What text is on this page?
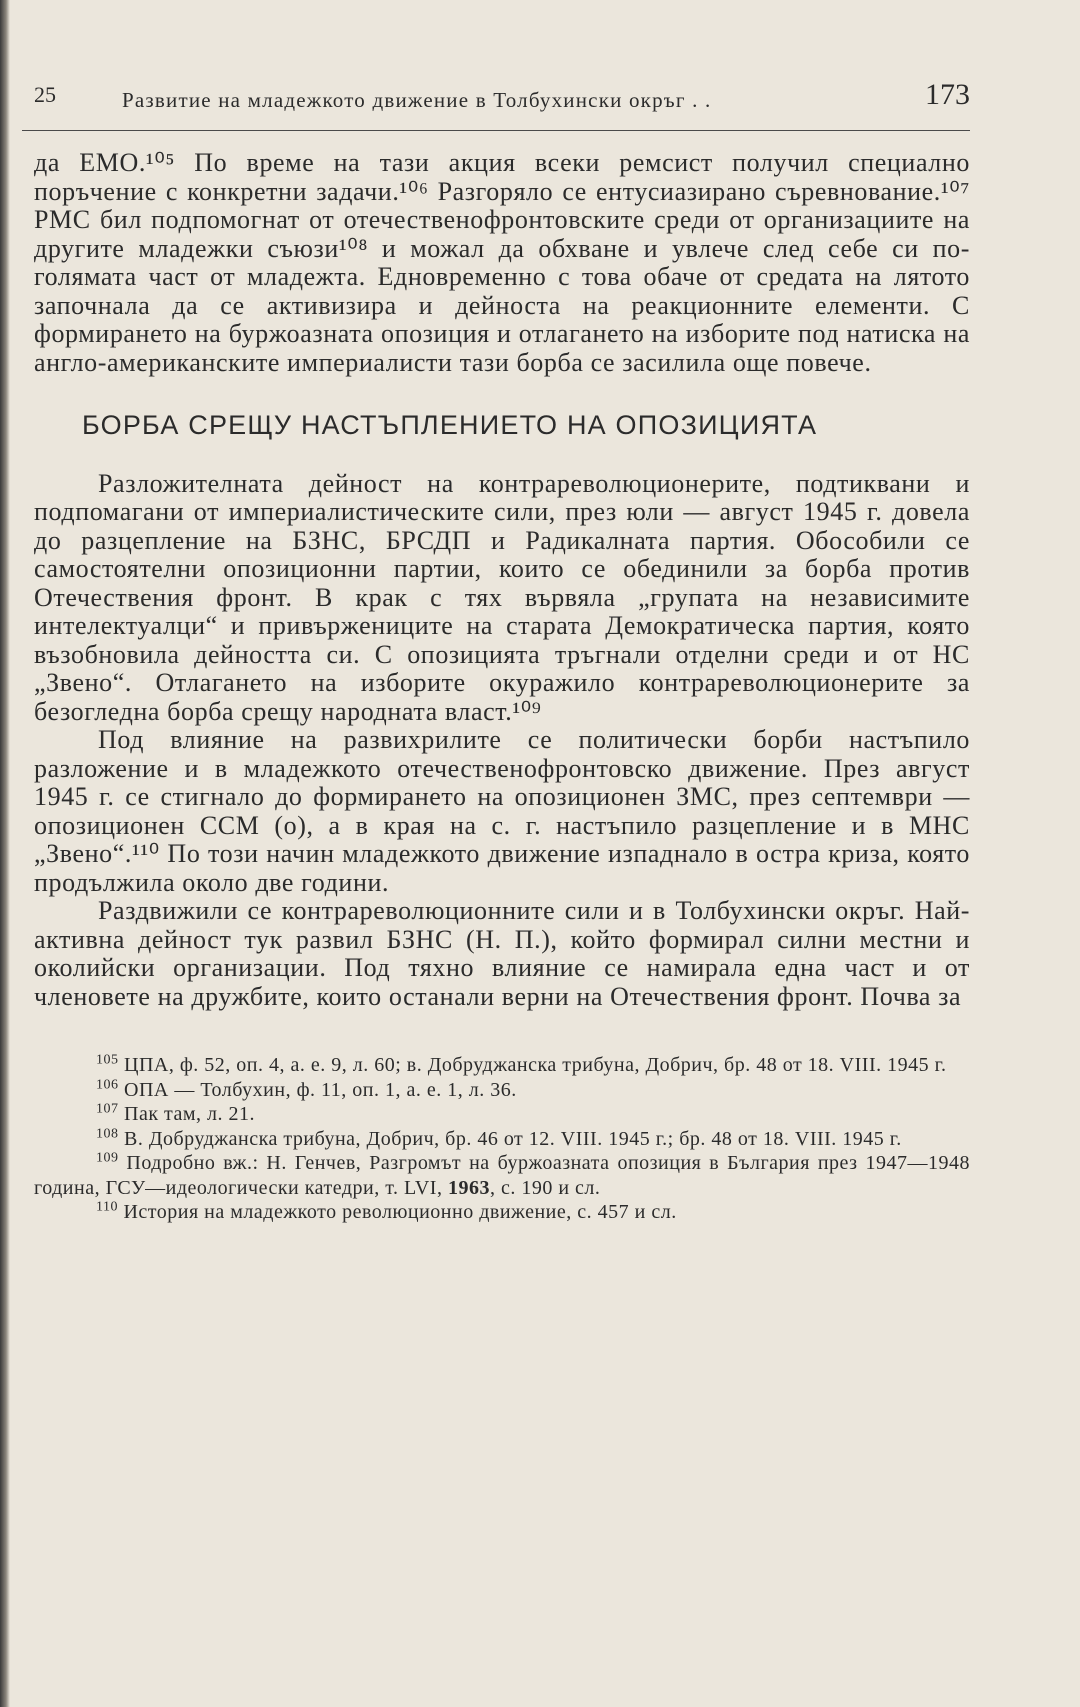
25	Развитие на младежкото движение в Толбухински окръг . .	173

да ЕМО.¹⁰⁵ По време на тази акция всеки ремсист получил специално поръчение с конкретни задачи.¹⁰⁶ Разгоряло се ентусиазирано съревнование.¹⁰⁷ РМС бил подпомогнат от отечественофронтовските среди от организациите на другите младежки съюзи¹⁰⁸ и можал да обхване и увлече след себе си по-голямата част от младежта. Едновременно с това обаче от средата на лятото започнала да се активизира и дейноста на реакционните елементи. С формирането на буржоазната опозиция и отлагането на изборите под натиска на англо-американските империалисти тази борба се засилила още повече.

БОРБА СРЕЩУ НАСТЪПЛЕНИЕТО НА ОПОЗИЦИЯТА

Разложителната дейност на контрареволюционерите, подтиквани и подпомагани от империалистическите сили, през юли — август 1945 г. довела до разцепление на БЗНС, БРСДП и Радикалната партия. Обособили се самостоятелни опозиционни партии, които се обединили за борба против Отечествения фронт. В крак с тях вървяла „групата на независимите интелектуалци“ и привържениците на старата Демократическа партия, която възобновила дейността си. С опозицията тръгнали отделни среди и от НС „Звено“. Отлагането на изборите окуражило контрареволюционерите за безогледна борба срещу народната власт.¹⁰⁹

Под влияние на развихрилите се политически борби настъпило разложение и в младежкото отечественофронтовско движение. През август 1945 г. се стигнало до формирането на опозиционен ЗМС, през септември — опозиционен ССМ (о), а в края на с. г. настъпило разцепление и в МНС „Звено“.¹¹⁰ По този начин младежкото движение изпаднало в остра криза, която продължила около две години.

Раздвижили се контрареволюционните сили и в Толбухински окръг. Най-активна дейност тук развил БЗНС (Н. П.), който формирал силни местни и околийски организации. Под тяхно влияние се намирала една част и от членовете на дружбите, които останали верни на Отечествения фронт. Почва за

$^{105}$ ЦПА, ф. 52, оп. 4, а. е. 9, л. 60; в. Добруджанска трибуна, Добрич, бр. 48 от 18. VIII. 1945 г.
$^{106}$ ОПА — Толбухин, ф. 11, оп. 1, а. е. 1, л. 36.
$^{107}$ Пак там, л. 21.
$^{108}$ В. Добруджанска трибуна, Добрич, бр. 46 от 12. VIII. 1945 г.; бр. 48 от 18. VIII. 1945 г.
$^{109}$ Подробно вж.: Н. Генчев, Разгромът на буржоазната опозиция в България през 1947—1948 година, ГСУ—идеологически катедри, т. LVI, 1963, с. 190 и сл.
$^{110}$ История на младежкото революционно движение, с. 457 и сл.
